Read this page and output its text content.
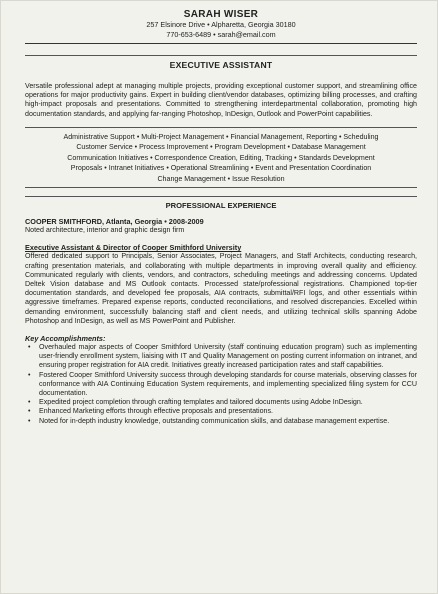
SARAH WISER
257 Elsinore Drive • Alpharetta, Georgia 30180
770-653-6489 • sarah@email.com
EXECUTIVE ASSISTANT
Versatile professional adept at managing multiple projects, providing exceptional customer support, and streamlining office operations for major productivity gains. Expert in building client/vendor databases, optimizing billing processes, and crafting high-impact proposals and presentations. Committed to strengthening interdepartmental collaboration, promoting high documentation standards, and applying far-ranging Photoshop, InDesign, Outlook and PowerPoint capabilities.
Administrative Support • Multi-Project Management • Financial Management, Reporting • Scheduling
Customer Service • Process Improvement • Program Development • Database Management
Communication Initiatives • Correspondence Creation, Editing, Tracking • Standards Development
Proposals • Intranet Initiatives • Operational Streamlining • Event and Presentation Coordination
Change Management • Issue Resolution
PROFESSIONAL EXPERIENCE
COOPER SMITHFORD, Atlanta, Georgia • 2008-2009
Noted architecture, interior and graphic design firm
Executive Assistant & Director of Cooper Smithford University
Offered dedicated support to Principals, Senior Associates, Project Managers, and Staff Architects, conducting research, crafting presentation materials, and collaborating with multiple departments in improving overall quality and efficiency. Communicated regularly with clients, vendors, and contractors, scheduling meetings and addressing concerns. Updated Deltek Vision database and MS Outlook contacts. Processed state/professional registrations. Championed top-tier documentation standards, and developed fee proposals, AIA contracts, submittal/RFI logs, and other essentials within aggressive timeframes. Prepared expense reports, conducted reconciliations, and resolved discrepancies. Excelled within demanding environment, successfully balancing staff and client needs, and utilizing technical skills spanning Adobe Photoshop and InDesign, as well as MS PowerPoint and Publisher.
Key Accomplishments:
• Overhauled major aspects of Cooper Smithford University (staff continuing education program) such as implementing user-friendly enrollment system, liaising with IT and Quality Management on posting current information on intranet, and ensuring proper registration for AIA credit. Initiatives greatly increased participation rates and staff capabilities.
• Fostered Cooper Smithford University success through developing standards for course materials, observing classes for conformance with AIA Continuing Education System requirements, and implementing specialized filing system for CCU documentation.
• Expedited project completion through crafting templates and tailored documents using Adobe InDesign.
• Enhanced Marketing efforts through effective proposals and presentations.
• Noted for in-depth industry knowledge, outstanding communication skills, and database management expertise.
